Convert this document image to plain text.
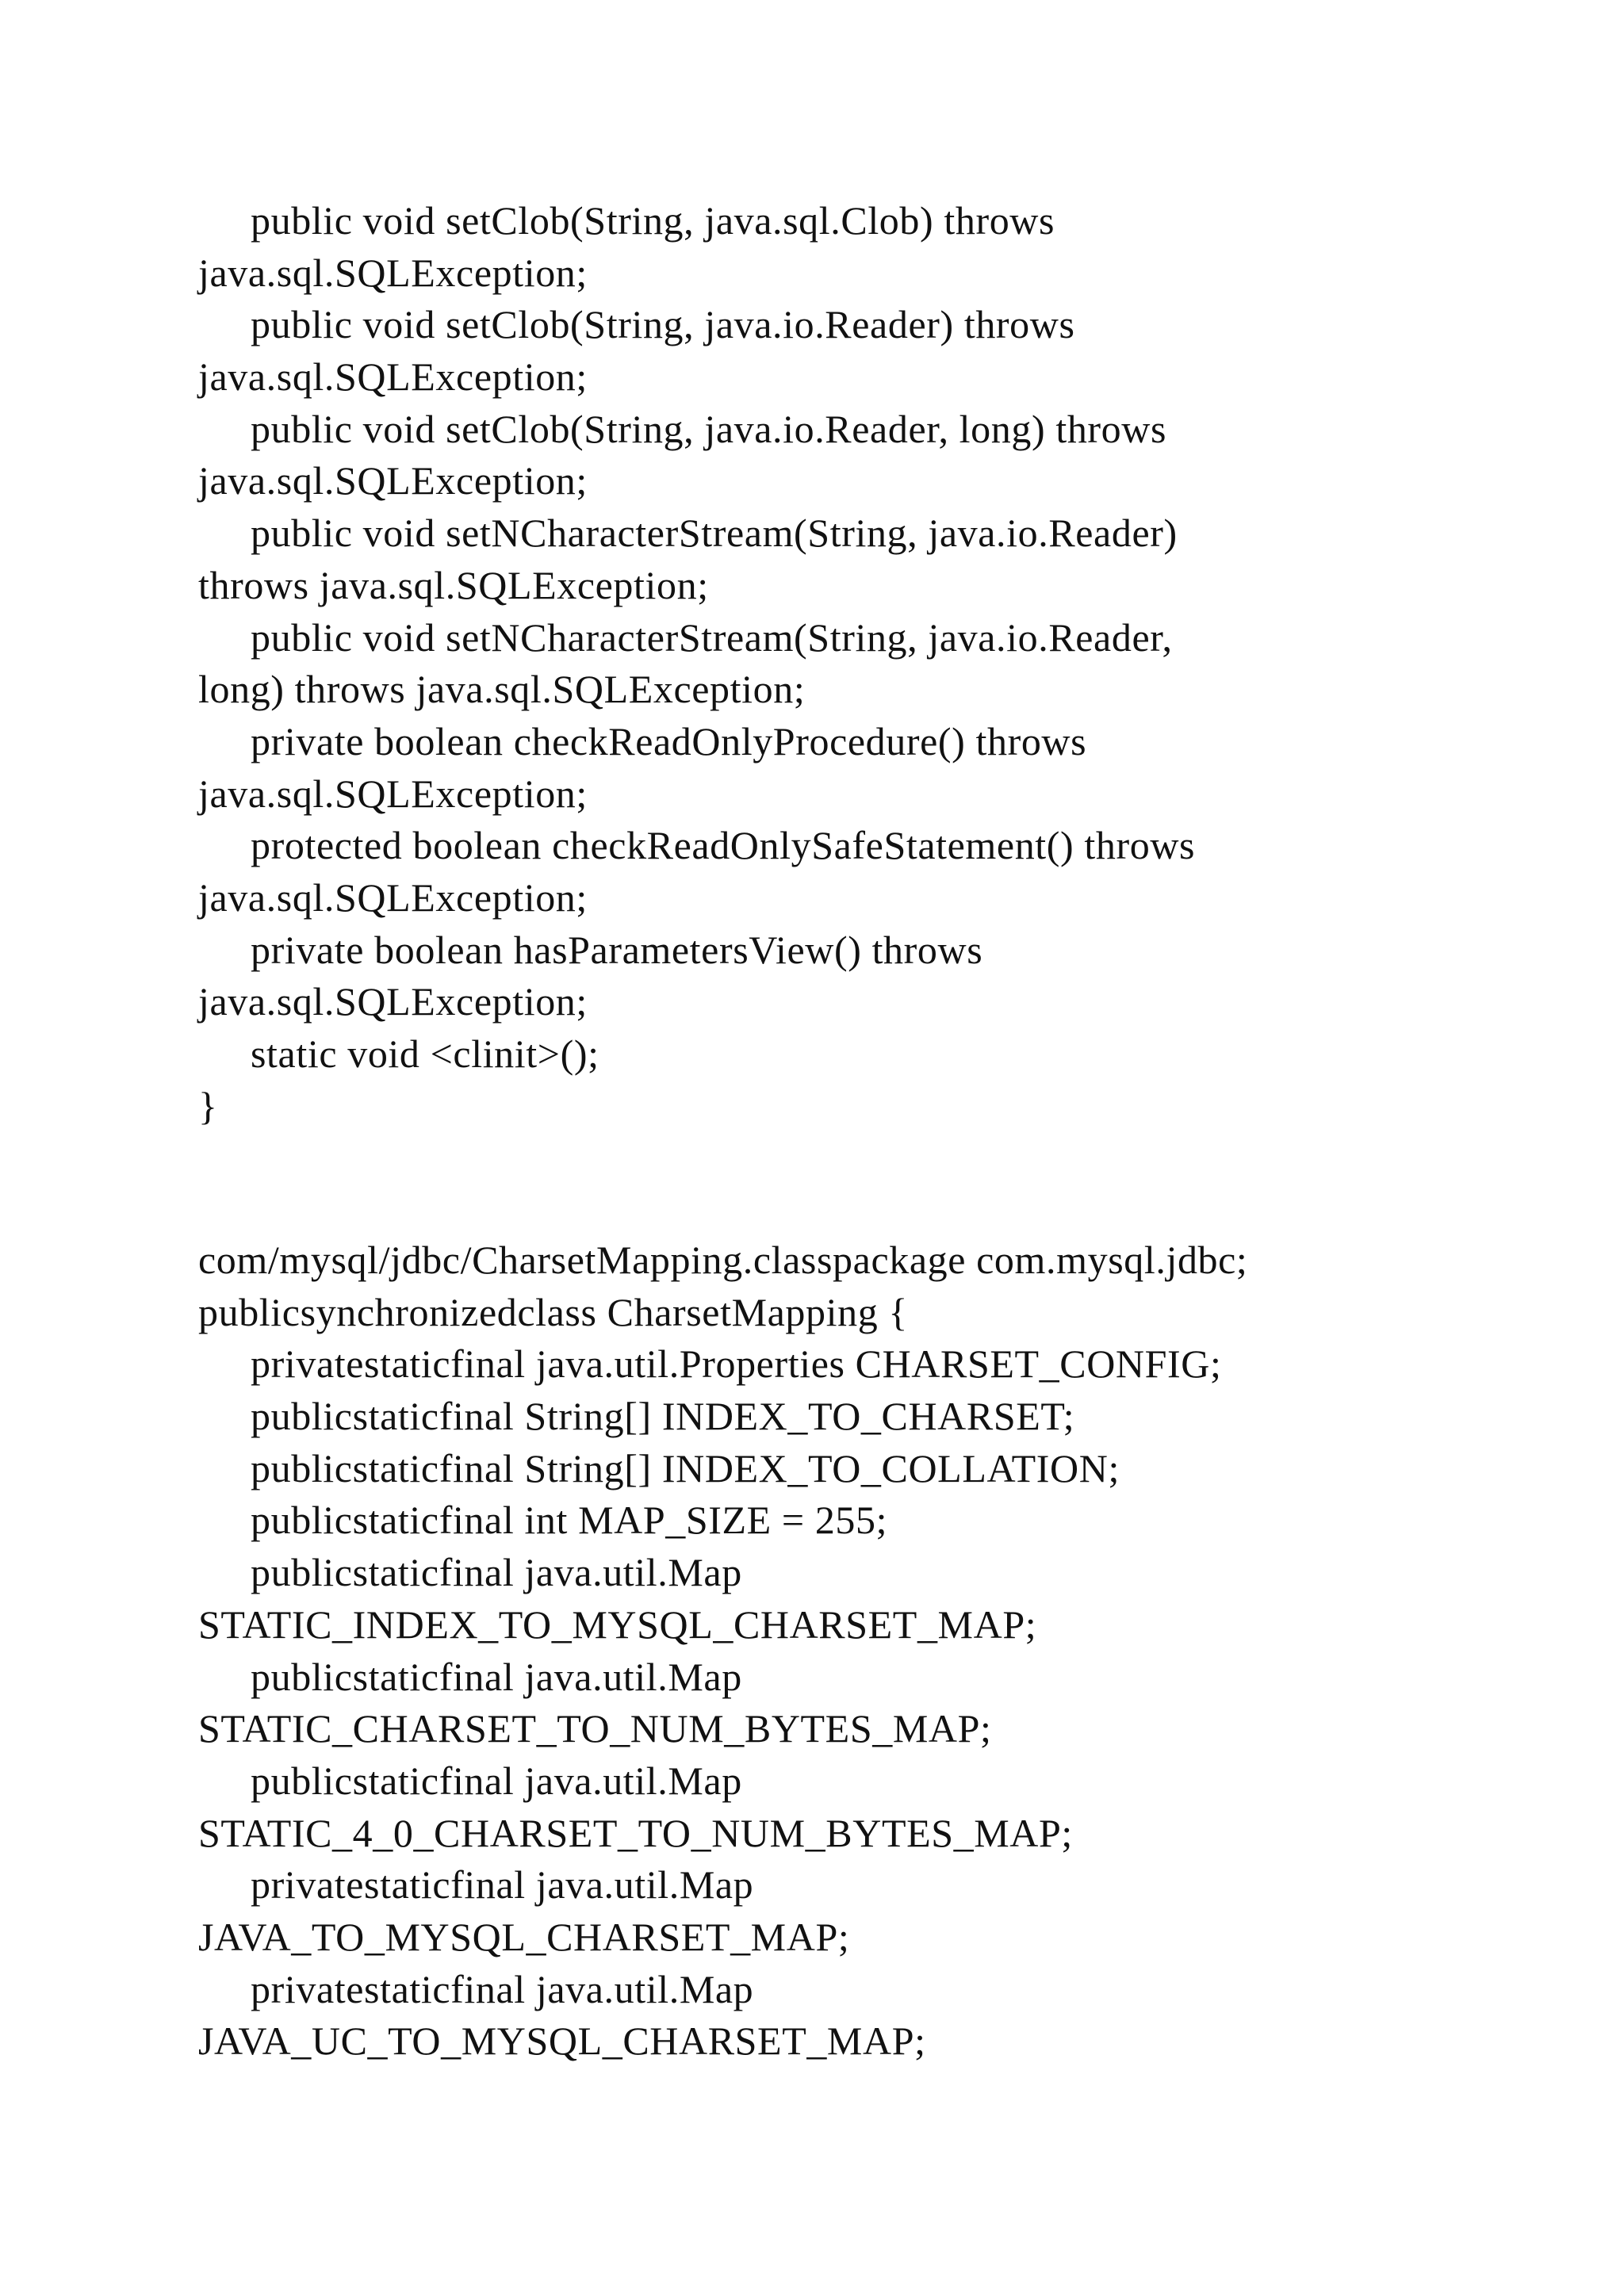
public void setClob(String, java.sql.Clob) throws
java.sql.SQLException;
public void setClob(String, java.io.Reader) throws
java.sql.SQLException;
public void setClob(String, java.io.Reader, long) throws
java.sql.SQLException;
public void setNCharacterStream(String, java.io.Reader)
throws java.sql.SQLException;
public void setNCharacterStream(String, java.io.Reader,
long) throws java.sql.SQLException;
private boolean checkReadOnlyProcedure() throws
java.sql.SQLException;
protected boolean checkReadOnlySafeStatement() throws
java.sql.SQLException;
private boolean hasParametersView() throws
java.sql.SQLException;
static void <clinit>();
}
com/mysql/jdbc/CharsetMapping.classpackage com.mysql.jdbc;
publicsynchronizedclass CharsetMapping {
privatestaticfinal java.util.Properties CHARSET_CONFIG;
publicstaticfinal String[] INDEX_TO_CHARSET;
publicstaticfinal String[] INDEX_TO_COLLATION;
publicstaticfinal int MAP_SIZE = 255;
publicstaticfinal java.util.Map
STATIC_INDEX_TO_MYSQL_CHARSET_MAP;
publicstaticfinal java.util.Map
STATIC_CHARSET_TO_NUM_BYTES_MAP;
publicstaticfinal java.util.Map
STATIC_4_0_CHARSET_TO_NUM_BYTES_MAP;
privatestaticfinal java.util.Map
JAVA_TO_MYSQL_CHARSET_MAP;
privatestaticfinal java.util.Map
JAVA_UC_TO_MYSQL_CHARSET_MAP;
